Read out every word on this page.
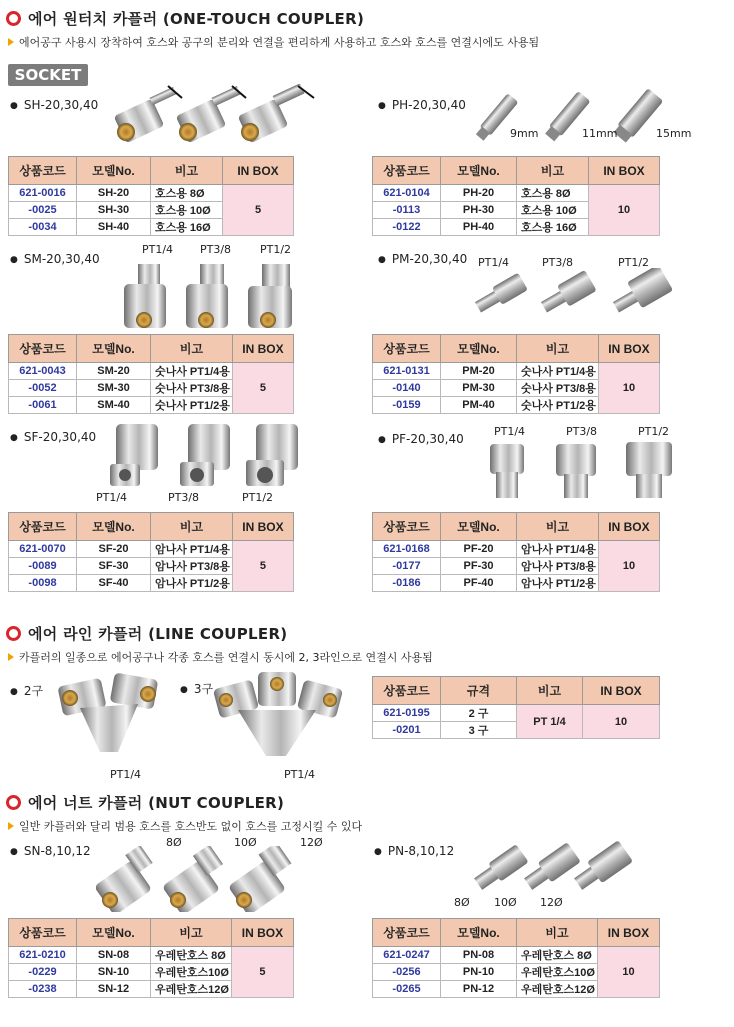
에어 원터치 카플러 (ONE-TOUCH COUPLER)
에어공구 사용시 장착하여 호스와 공구의 분리와 연결을 편리하게 사용하고 호스와 호스를 연결시에도 사용됨
SOCKET
● SH-20,30,40
상품코드	모델No.	비고	IN BOX
621-0016	SH-20	호스용 8Ø	5
-0025	SH-30	호스용 10Ø	
-0034	SH-40	호스용 16Ø	
● PH-20,30,40
9mm	11mm	15mm
상품코드	모델No.	비고	IN BOX
621-0104	PH-20	호스용 8Ø	10
-0113	PH-30	호스용 10Ø	
-0122	PH-40	호스용 16Ø	
● SM-20,30,40
PT1/4 PT3/8	PT1/2
상품코드	모델No.	비고	IN BOX
621-0043	SM-20	숫나사 PT1/4용	5
-0052	SM-30	숫나사 PT3/8용	
-0061	SM-40	숫나사 PT1/2용	
● PM-20,30,40 PT1/4	PT3/8	PT1/2
상품코드	모델No.	비고	IN BOX
621-0131	PM-20	숫나사 PT1/4용	10
-0140	PM-30	숫나사 PT3/8용	
-0159	PM-40	숫나사 PT1/2용	
● SF-20,30,40
PT1/4	PT3/8	PT1/2
상품코드	모델No.	비고	IN BOX
621-0070	SF-20	암나사 PT1/4용	5
-0089	SF-30	암나사 PT3/8용	
-0098	SF-40	암나사 PT1/2용	
● PF-20,30,40
PT1/4	PT3/8	PT1/2
상품코드	모델No.	비고	IN BOX
621-0168	PF-20	암나사 PT1/4용	10
-0177	PF-30	암나사 PT3/8용	
-0186	PF-40	암나사 PT1/2용	
에어 라인 카플러 (LINE COUPLER)
카플러의 일종으로 에어공구나 각종 호스를 연결시 동시에 2, 3라인으로 연결시 사용됨
● 2구
PT1/4
● 3구
PT1/4
상품코드	규격	비고	IN BOX
621-0195	2 구	PT 1/4	10
-0201	3 구		
에어 너트 카플러 (NUT COUPLER)
일반 카플러와 달리 범용 호스를 호스반도 없이 호스를 고정시킬 수 있다
● SN-8,10,12
8Ø	10Ø	12Ø
상품코드	모델No.	비고	IN BOX
621-0210	SN-08	우레탄호스 8Ø	5
-0229	SN-10	우레탄호스10Ø	
-0238	SN-12	우레탄호스12Ø	
● PN-8,10,12
8Ø 10Ø 12Ø
상품코드	모델No.	비고	IN BOX
621-0247	PN-08	우레탄호스 8Ø	10
-0256	PN-10	우레탄호스10Ø	
-0265	PN-12	우레탄호스12Ø	
